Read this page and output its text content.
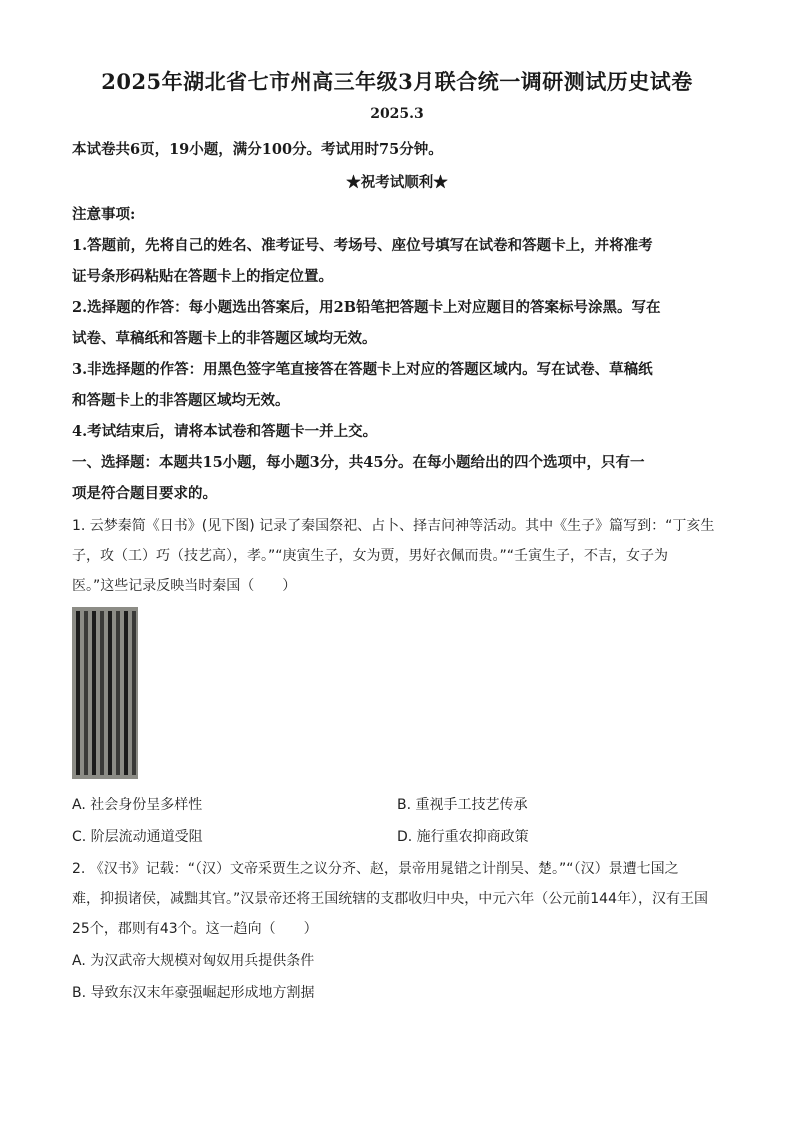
2025年湖北省七市州高三年级3月联合统一调研测试历史试卷
2025.3
本试卷共6页，19小题，满分100分。考试用时75分钟。
★祝考试顺利★
注意事项:
1.答题前，先将自己的姓名、准考证号、考场号、座位号填写在试卷和答题卡上，并将准考
证号条形码粘贴在答题卡上的指定位置。
2.选择题的作答：每小题选出答案后，用2B铅笔把答题卡上对应题目的答案标号涂黑。写在
试卷、草稿纸和答题卡上的非答题区域均无效。
3.非选择题的作答：用黑色签字笔直接答在答题卡上对应的答题区域内。写在试卷、草稿纸
和答题卡上的非答题区域均无效。
4.考试结束后，请将本试卷和答题卡一并上交。
一、选择题：本题共15小题，每小题3分，共45分。在每小题给出的四个选项中，只有一
项是符合题目要求的。
1. 云梦秦简《日书》(见下图) 记录了秦国祭祀、占卜、择吉问神等活动。其中《生子》篇写到：“丁亥生
子，攻（工）巧（技艺高），孝。”“庚寅生子，女为贾，男好衣佩而贵。”“壬寅生子，不吉，女子为
医。”这些记录反映当时秦国（　　）
A. 社会身份呈多样性	B. 重视手工技艺传承
C. 阶层流动通道受阻	D. 施行重农抑商政策
2. 《汉书》记载：“（汉）文帝采贾生之议分齐、赵，景帝用晁错之计削吴、楚。”“（汉）景遭七国之
难，抑损诸侯，减黜其官。”汉景帝还将王国统辖的支郡收归中央，中元六年（公元前144年），汉有王国
25个，郡则有43个。这一趋向（　　）
A. 为汉武帝大规模对匈奴用兵提供条件
B. 导致东汉末年豪强崛起形成地方割据
